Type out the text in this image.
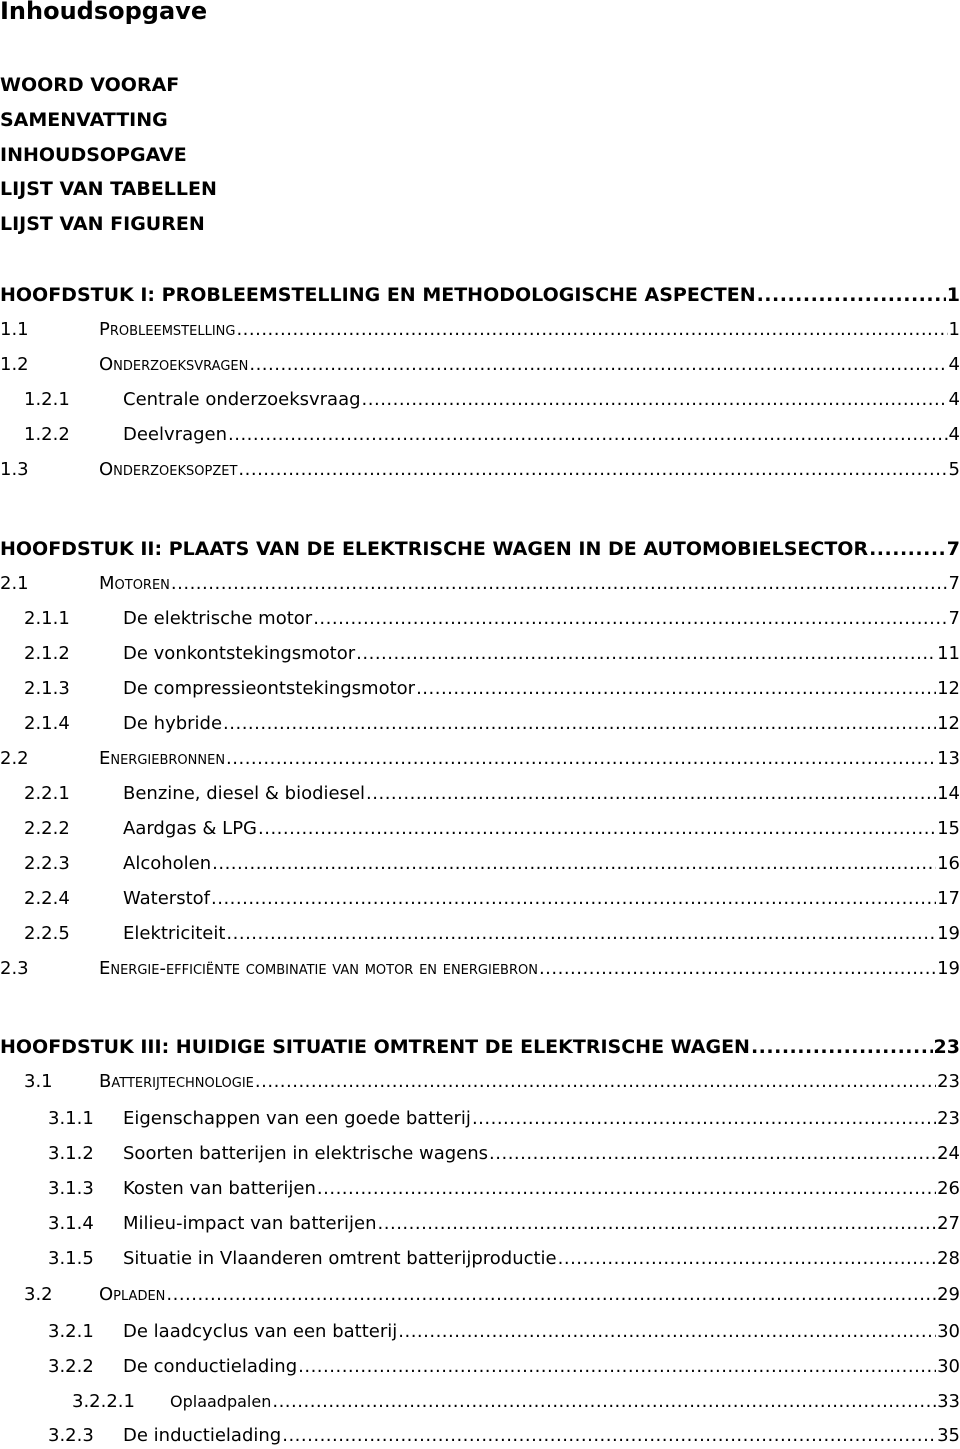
Inhoudsopgave
WOORD VOORAF
SAMENVATTING
INHOUDSOPGAVE
LIJST VAN TABELLEN
LIJST VAN FIGUREN
HOOFDSTUK I: PROBLEEMSTELLING EN METHODOLOGISCHE ASPECTEN .....	1
1.1	Probleemstelling .....	1
1.2	Onderzoeksvragen .....	4
1.2.1	Centrale onderzoeksvraag .....	4
1.2.2	Deelvragen .....	4
1.3	Onderzoeksopzet .....	5
HOOFDSTUK II: PLAATS VAN DE ELEKTRISCHE WAGEN IN DE AUTOMOBIELSECTOR .....	7
2.1	Motoren .....	7
2.1.1	De elektrische motor .....	7
2.1.2	De vonkontstekingsmotor .....	11
2.1.3	De compressieontstekingsmotor .....	12
2.1.4	De hybride .....	12
2.2	Energiebronnen .....	13
2.2.1	Benzine, diesel & biodiesel .....	14
2.2.2	Aardgas & LPG .....	15
2.2.3	Alcoholen .....	16
2.2.4	Waterstof .....	17
2.2.5	Elektriciteit .....	19
2.3	Energie-efficiënte combinatie van motor en energiebron .....	19
HOOFDSTUK III: HUIDIGE SITUATIE OMTRENT DE ELEKTRISCHE WAGEN .....	23
3.1	Batterijtechnologie .....	23
3.1.1	Eigenschappen van een goede batterij .....	23
3.1.2	Soorten batterijen in elektrische wagens .....	24
3.1.3	Kosten van batterijen .....	26
3.1.4	Milieu-impact van batterijen .....	27
3.1.5	Situatie in Vlaanderen omtrent batterijproductie .....	28
3.2	Opladen .....	29
3.2.1	De laadcyclus van een batterij .....	30
3.2.2	De conductielading .....	30
3.2.2.1	Oplaadpalen .....	33
3.2.3	De inductielading .....	35
